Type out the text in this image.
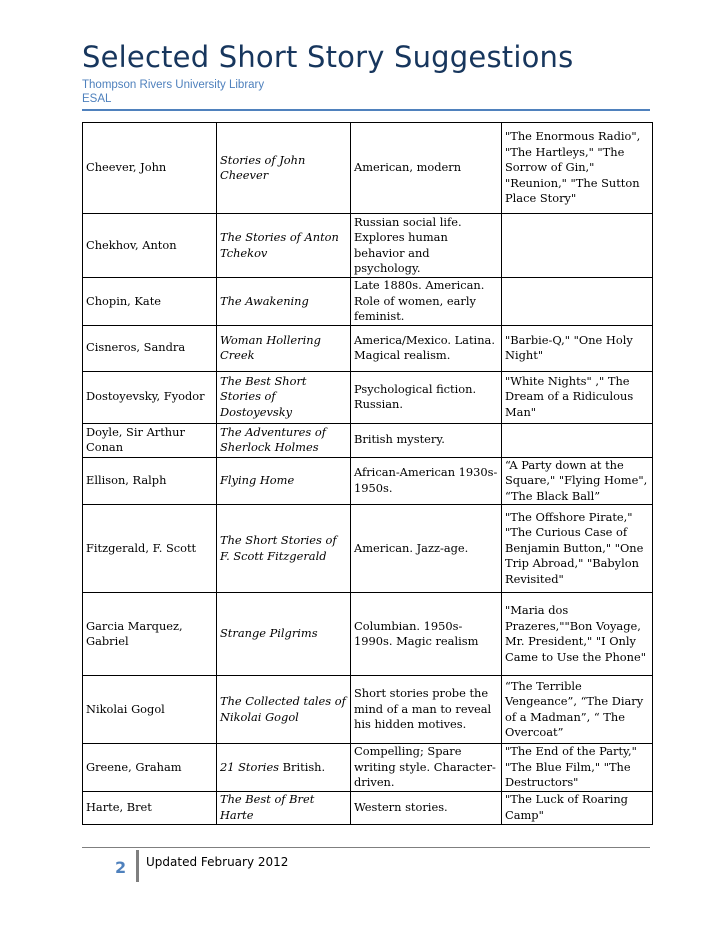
Selected Short Story Suggestions
Thompson Rivers University Library
ESAL
Cheever, John	Stories of John Cheever	American, modern	"The Enormous Radio", "The Hartleys," "The Sorrow of Gin," "Reunion," "The Sutton Place Story"
Chekhov, Anton	The Stories of Anton Tchekov	Russian social life. Explores human behavior and psychology.	
Chopin, Kate	The Awakening	Late 1880s. American. Role of women, early feminist.	
Cisneros, Sandra	Woman Hollering Creek	America/Mexico. Latina. Magical realism.	"Barbie-Q," "One Holy Night"
Dostoyevsky, Fyodor	The Best Short Stories of Dostoyevsky	Psychological fiction. Russian.	"White Nights" ," The Dream of a Ridiculous Man"
Doyle, Sir Arthur Conan	The Adventures of Sherlock Holmes	British mystery.	
Ellison, Ralph	Flying Home	African-American 1930s-1950s.	“A Party down at the Square," "Flying Home", “The Black Ball”
Fitzgerald, F. Scott	The Short Stories of F. Scott Fitzgerald	American. Jazz-age.	"The Offshore Pirate," "The Curious Case of Benjamin Button," "One Trip Abroad," "Babylon Revisited"
Garcia Marquez, Gabriel	Strange Pilgrims	Columbian. 1950s-1990s. Magic realism	"Maria dos Prazeres,""Bon Voyage, Mr. President," "I Only Came to Use the Phone"
Nikolai Gogol	The Collected tales of Nikolai Gogol	Short stories probe the mind of a man to reveal his hidden motives.	“The Terrible Vengeance”, “The Diary of a Madman”, “ The Overcoat”
Greene, Graham	21 Stories British.	Compelling; Spare writing style. Character-driven.	"The End of the Party," "The Blue Film," "The Destructors"
Harte, Bret	The Best of Bret Harte	Western stories.	"The Luck of Roaring Camp"
2 Updated February 2012
